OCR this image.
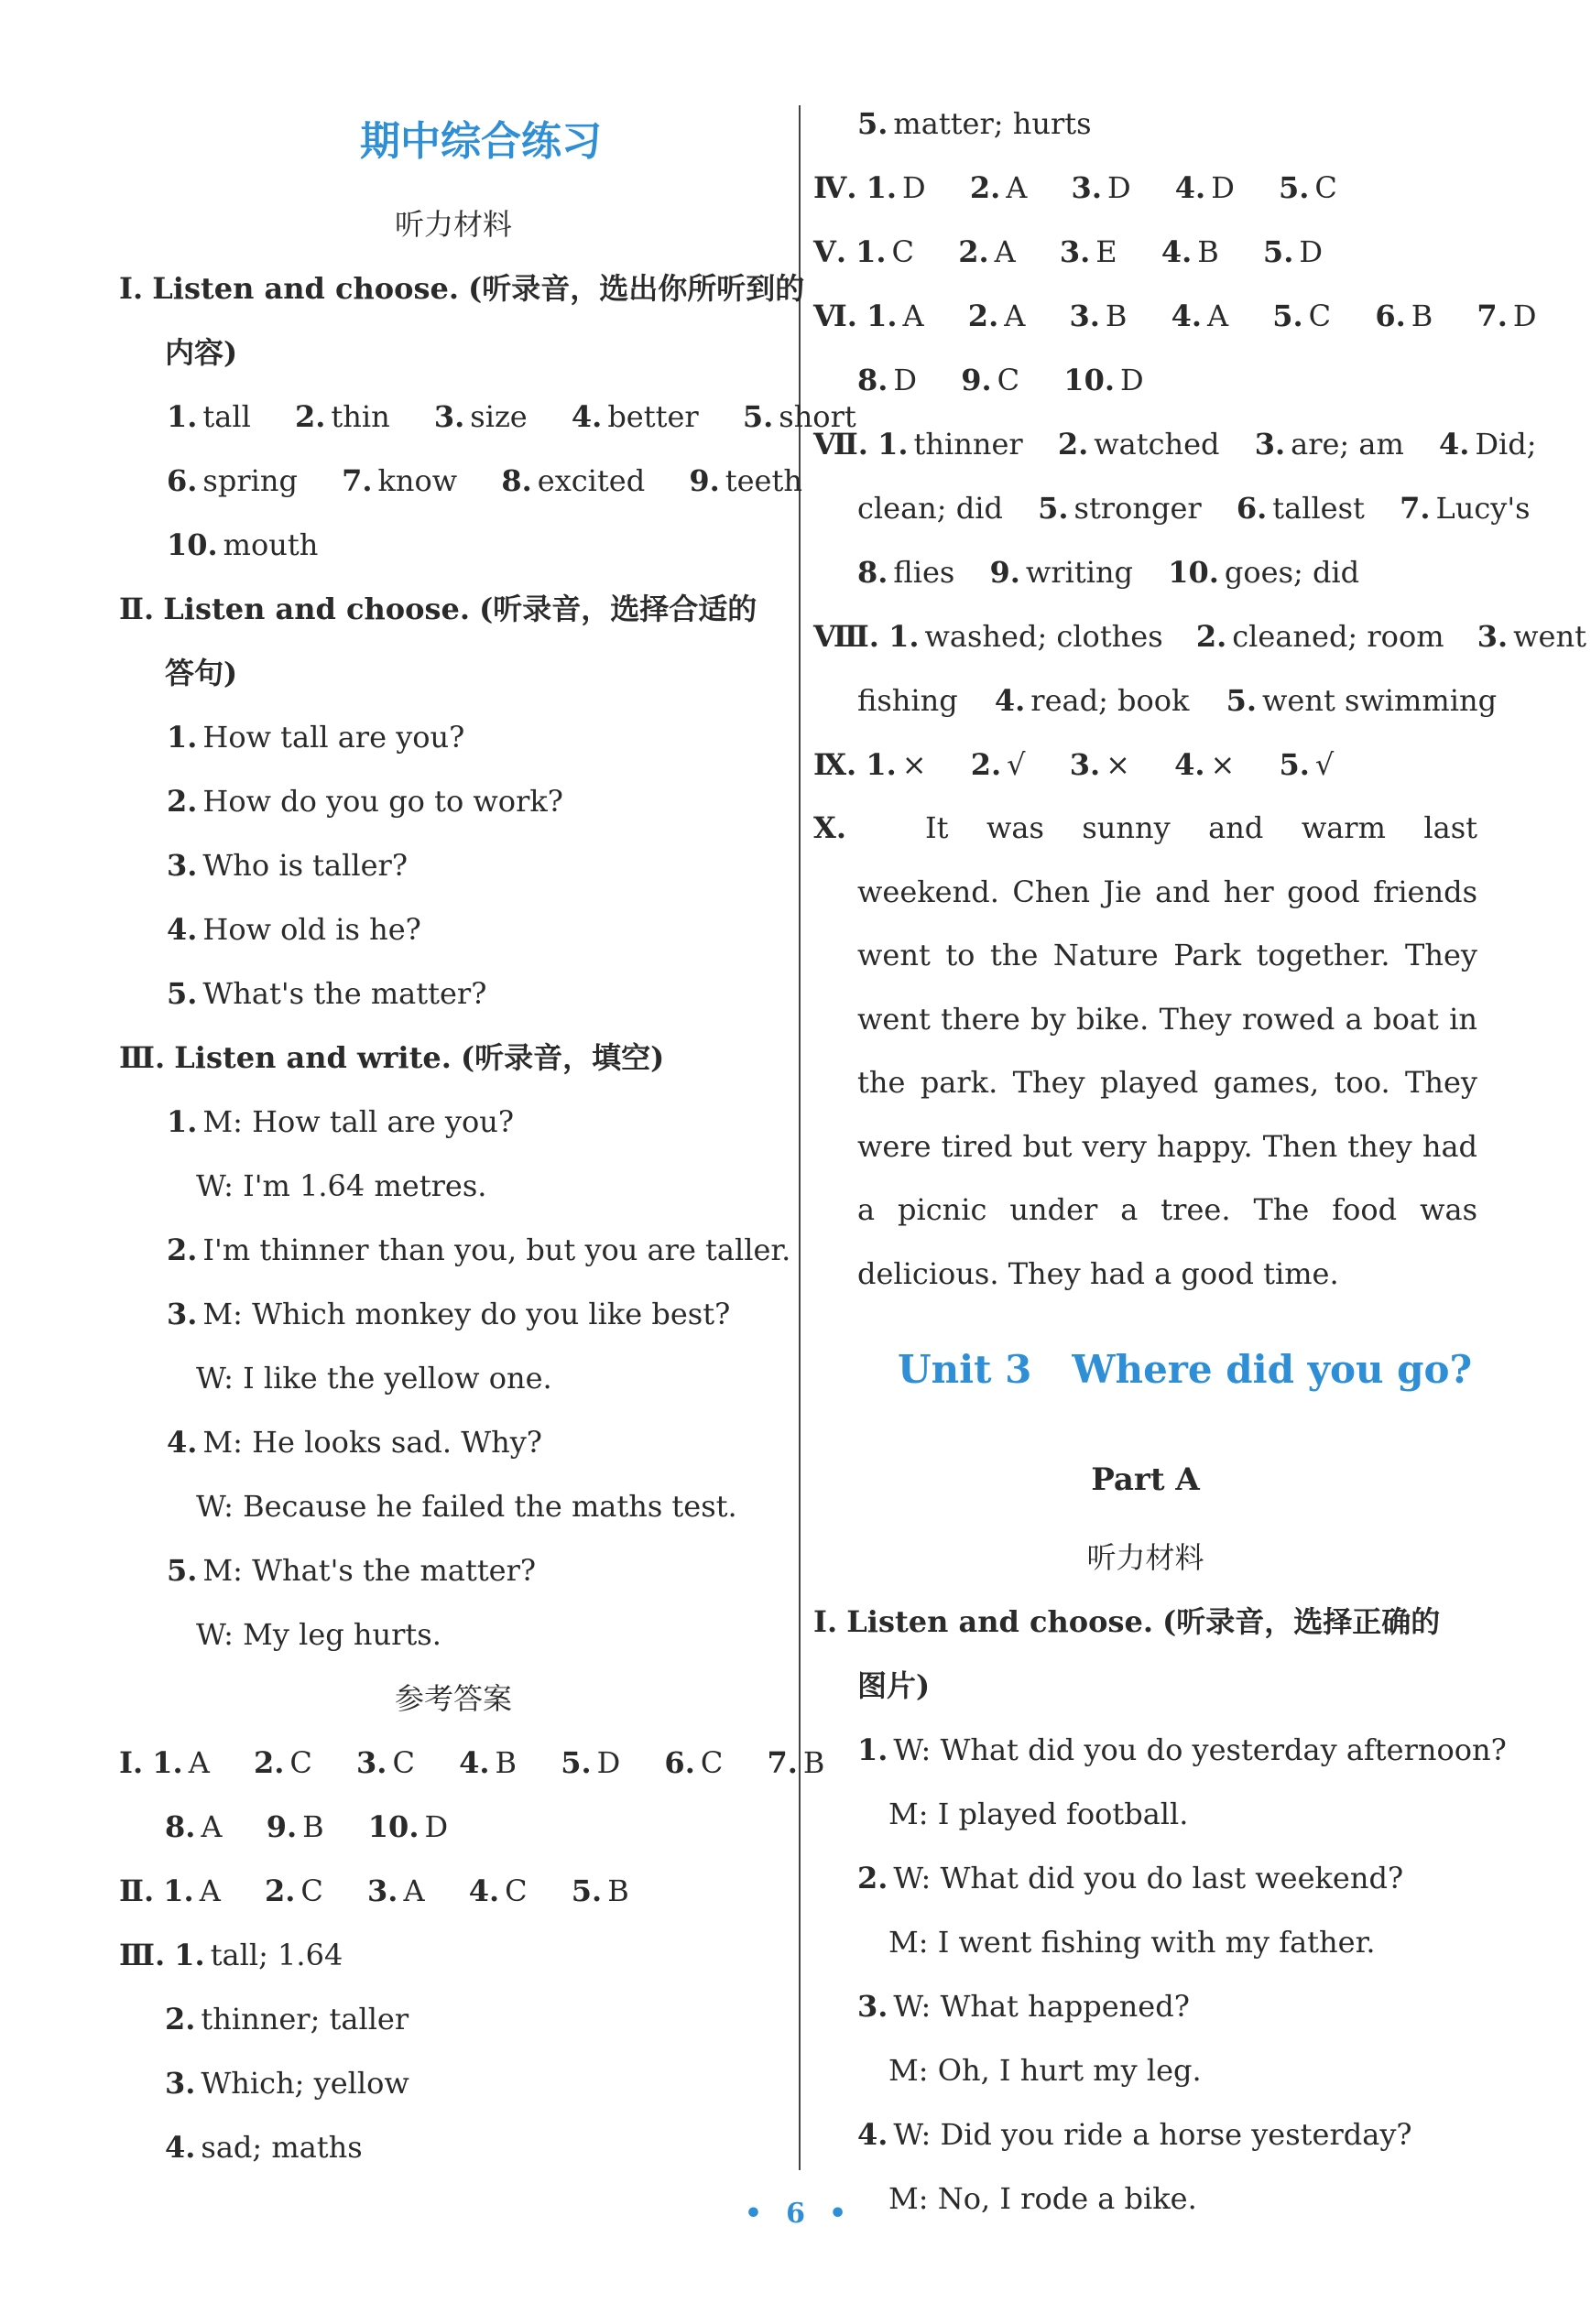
期中综合练习
听力材料
Ⅰ. Listen and choose. (听录音，选出你所听到的
内容)
1. tall 2. thin 3. size 4. better 5. short
6. spring 7. know 8. excited 9. teeth
10. mouth
Ⅱ. Listen and choose. (听录音，选择合适的
答句)
1. How tall are you?
2. How do you go to work?
3. Who is taller?
4. How old is he?
5. What's the matter?
Ⅲ. Listen and write. (听录音，填空)
1. M: How tall are you?
W: I'm 1.64 metres.
2. I'm thinner than you, but you are taller.
3. M: Which monkey do you like best?
W: I like the yellow one.
4. M: He looks sad. Why?
W: Because he failed the maths test.
5. M: What's the matter?
W: My leg hurts.
参考答案
Ⅰ. 1. A 2. C 3. C 4. B 5. D 6. C 7. B
8. A 9. B 10. D
Ⅱ. 1. A 2. C 3. A 4. C 5. B
Ⅲ. 1. tall; 1.64
2. thinner; taller
3. Which; yellow
4. sad; maths
5. matter; hurts
Ⅳ. 1. D 2. A 3. D 4. D 5. C
Ⅴ. 1. C 2. A 3. E 4. B 5. D
Ⅵ. 1. A 2. A 3. B 4. A 5. C 6. B 7. D
8. D 9. C 10. D
Ⅶ. 1. thinner 2. watched 3. are; am 4. Did;
clean; did 5. stronger 6. tallest 7. Lucy's
8. flies 9. writing 10. goes; did
Ⅷ. 1. washed; clothes 2. cleaned; room 3. went
fishing 4. read; book 5. went swimming
Ⅸ. 1. × 2. √ 3. × 4. × 5. √
Ⅹ.	It was sunny and warm last weekend. Chen Jie and her good friends went to the Nature Park together. They went there by bike. They rowed a boat in the park. They played games, too. They were tired but very happy. Then they had a picnic under a tree. The food was delicious. They had a good time.
Unit 3 Where did you go?
Part A
听力材料
Ⅰ. Listen and choose. (听录音，选择正确的
图片)
1. W: What did you do yesterday afternoon?
M: I played football.
2. W: What did you do last weekend?
M: I went fishing with my father.
3. W: What happened?
M: Oh, I hurt my leg.
4. W: Did you ride a horse yesterday?
M: No, I rode a bike.
• 6 •
